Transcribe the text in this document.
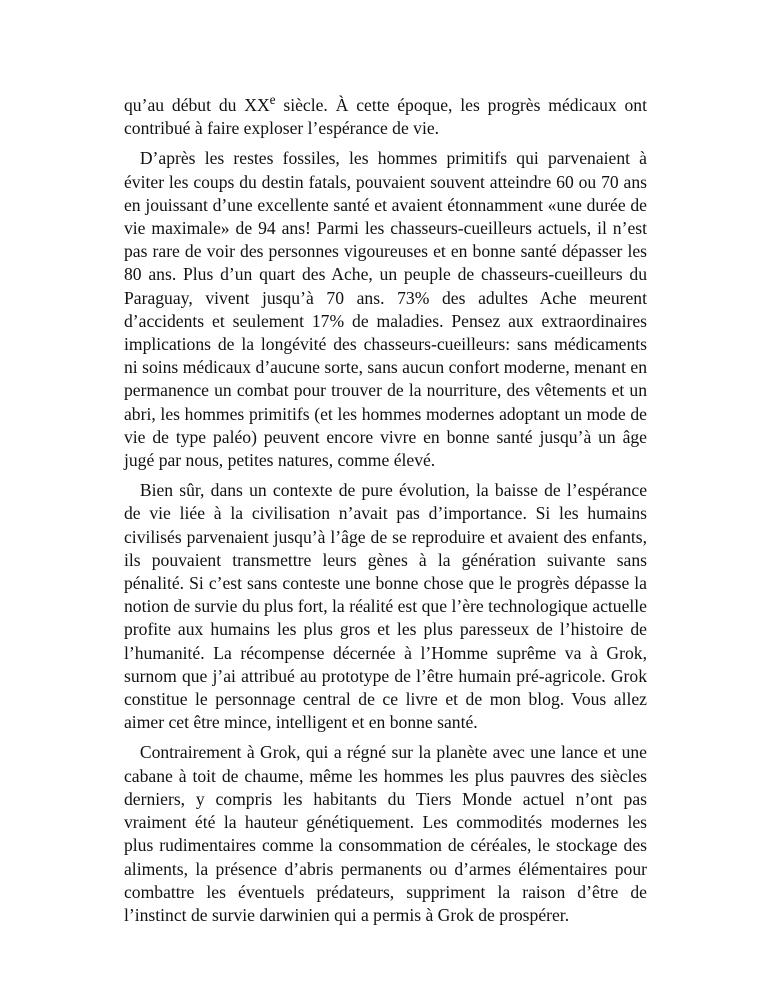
qu’au début du XXe siècle. À cette époque, les progrès médicaux ont contribué à faire exploser l’espérance de vie.

D’après les restes fossiles, les hommes primitifs qui parvenaient à éviter les coups du destin fatals, pouvaient souvent atteindre 60 ou 70 ans en jouissant d’une excellente santé et avaient étonnamment «une durée de vie maximale» de 94 ans! Parmi les chasseurs-cueilleurs actuels, il n’est pas rare de voir des personnes vigoureuses et en bonne santé dépasser les 80 ans. Plus d’un quart des Ache, un peuple de chasseurs-cueilleurs du Paraguay, vivent jusqu’à 70 ans. 73% des adultes Ache meurent d’accidents et seulement 17% de maladies. Pensez aux extraordinaires implications de la longévité des chasseurs-cueilleurs: sans médicaments ni soins médicaux d’aucune sorte, sans aucun confort moderne, menant en permanence un combat pour trouver de la nourriture, des vêtements et un abri, les hommes primitifs (et les hommes modernes adoptant un mode de vie de type paléo) peuvent encore vivre en bonne santé jusqu’à un âge jugé par nous, petites natures, comme élevé.

Bien sûr, dans un contexte de pure évolution, la baisse de l’espérance de vie liée à la civilisation n’avait pas d’importance. Si les humains civilisés parvenaient jusqu’à l’âge de se reproduire et avaient des enfants, ils pouvaient transmettre leurs gènes à la génération suivante sans pénalité. Si c’est sans conteste une bonne chose que le progrès dépasse la notion de survie du plus fort, la réalité est que l’ère technologique actuelle profite aux humains les plus gros et les plus paresseux de l’histoire de l’humanité. La récompense décernée à l’Homme suprême va à Grok, surnom que j’ai attribué au prototype de l’être humain pré-agricole. Grok constitue le personnage central de ce livre et de mon blog. Vous allez aimer cet être mince, intelligent et en bonne santé.

Contrairement à Grok, qui a régné sur la planète avec une lance et une cabane à toit de chaume, même les hommes les plus pauvres des siècles derniers, y compris les habitants du Tiers Monde actuel n’ont pas vraiment été la hauteur génétiquement. Les commodités modernes les plus rudimentaires comme la consommation de céréales, le stockage des aliments, la présence d’abris permanents ou d’armes élémentaires pour combattre les éventuels prédateurs, suppriment la raison d’être de l’instinct de survie darwinien qui a permis à Grok de prospérer.
